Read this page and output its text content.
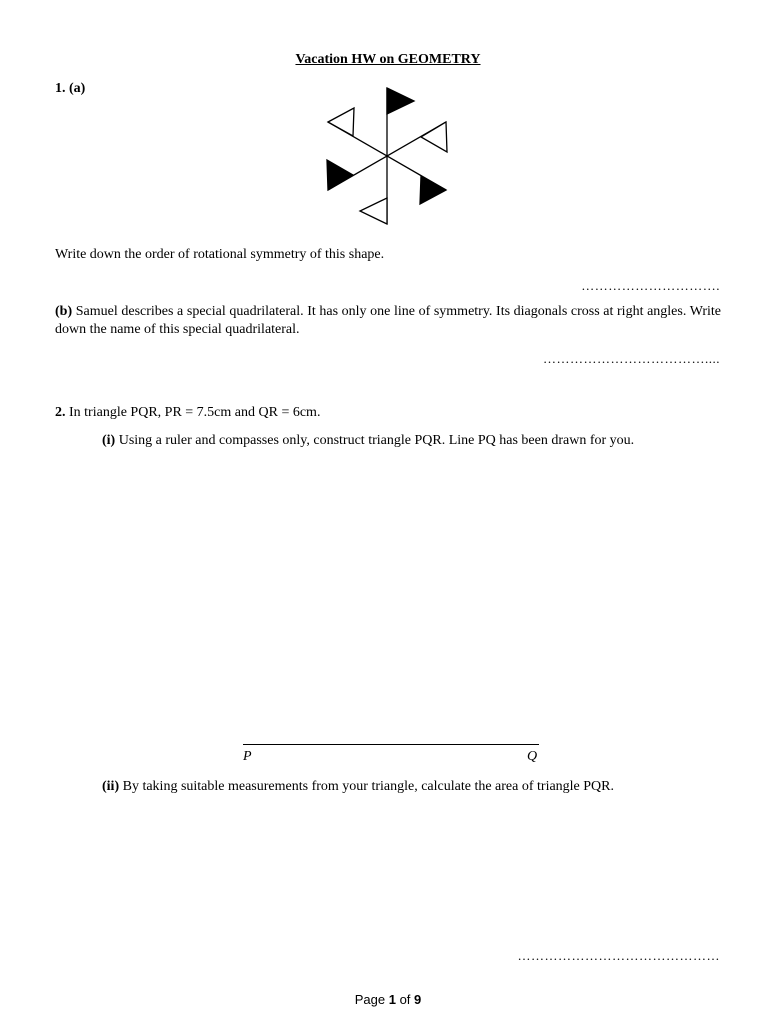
Vacation HW on GEOMETRY
1. (a)
Write down the order of rotational symmetry of this shape.
………………………….
(b) Samuel describes a special quadrilateral. It has only one line of symmetry. Its diagonals cross at right angles. Write down the name of this special quadrilateral.
………………………………....
2. In triangle PQR, PR = 7.5cm and QR = 6cm.
(i) Using a ruler and compasses only, construct triangle PQR. Line PQ has been drawn for you.
P	Q
(ii) By taking suitable measurements from your triangle, calculate the area of triangle PQR.
………………………………………
Page 1 of 9
